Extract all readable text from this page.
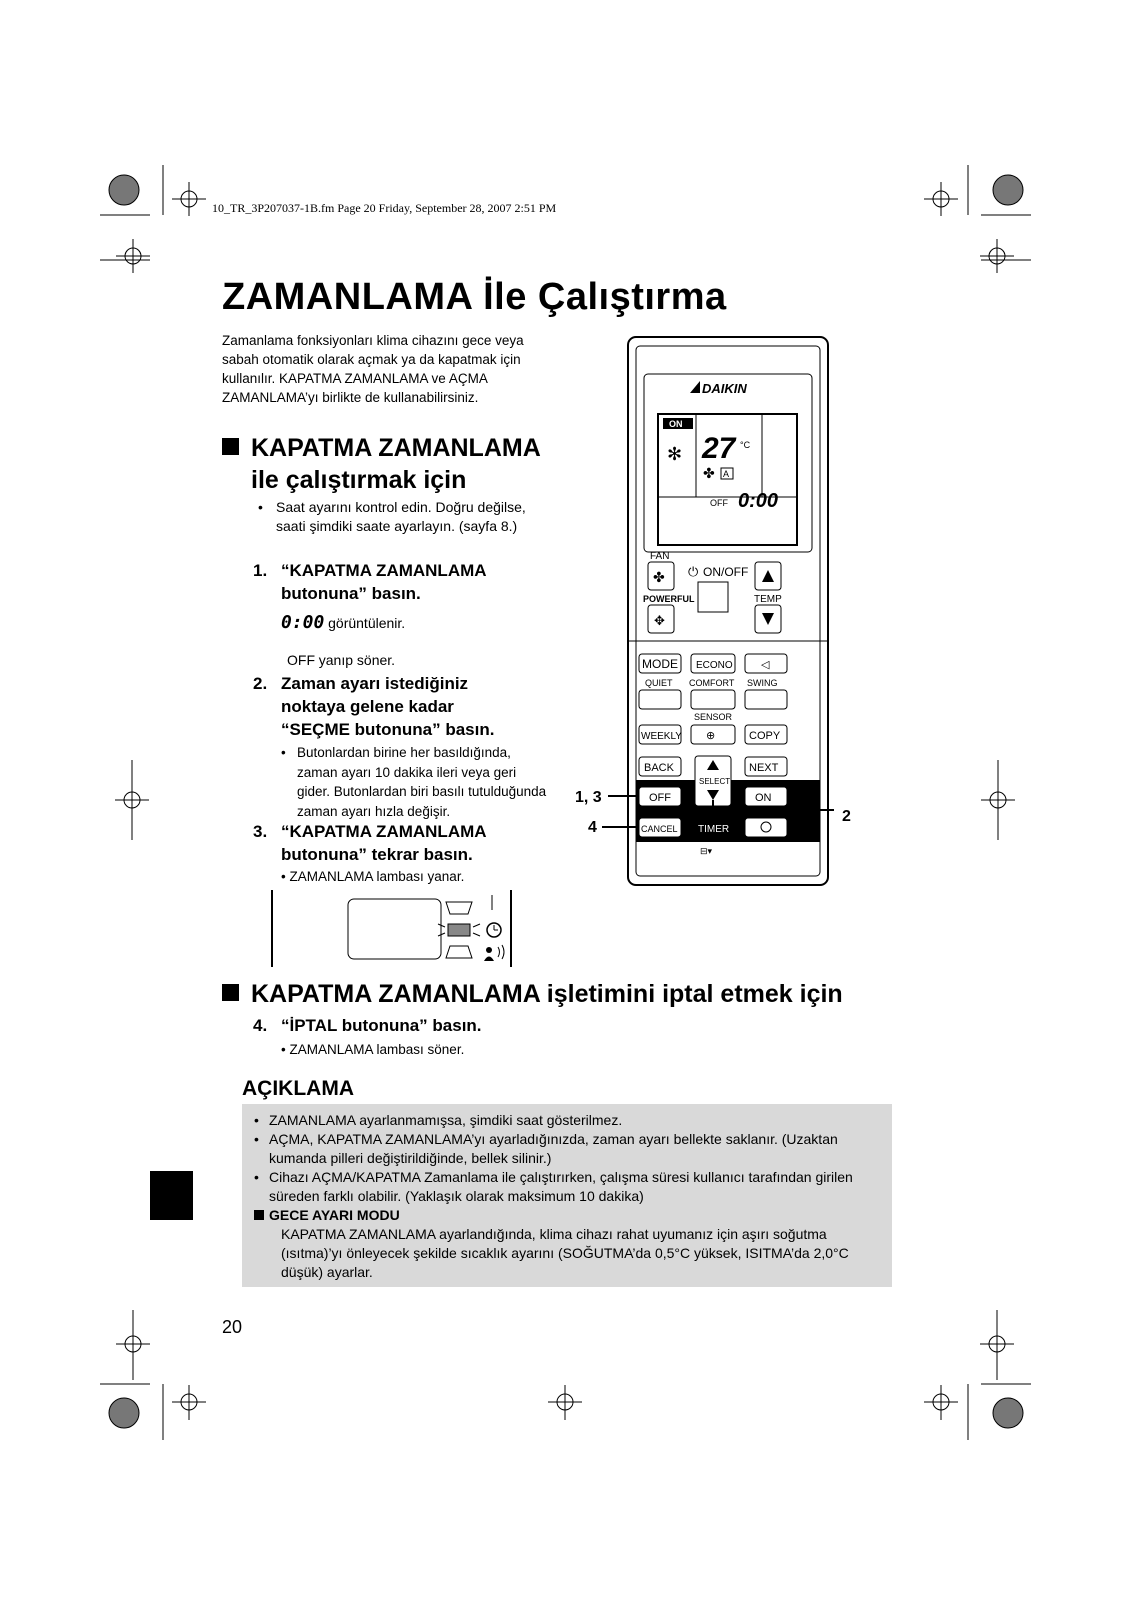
10_TR_3P207037-1B.fm Page 20 Friday, September 28, 2007 2:51 PM
ZAMANLAMA İle Çalıştırma
Zamanlama fonksiyonları klima cihazını gece veya sabah otomatik olarak açmak ya da kapatmak için kullanılır. KAPATMA ZAMANLAMA ve AÇMA ZAMANLAMA’yı birlikte de kullanabilirsiniz.
KAPATMA ZAMANLAMA
ile çalıştırmak için
• Saat ayarını kontrol edin. Doğru değilse, saati şimdiki saate ayarlayın. (sayfa 8.)
1. “KAPATMA ZAMANLAMA
butonuna” basın.
0:00 görüntülenir.
OFF yanıp söner.
2. Zaman ayarı istediğiniz
noktaya gelene kadar
“SEÇME butonuna” basın.
• Butonlardan birine her basıldığında, zaman ayarı 10 dakika ileri veya geri gider. Butonlardan biri basılı tutulduğunda zaman ayarı hızla değişir.
3. “KAPATMA ZAMANLAMA
butonuna” tekrar basın.
• ZAMANLAMA lambası yanar.
KAPATMA ZAMANLAMA işletimini iptal etmek için
4. “İPTAL butonuna” basın.
• ZAMANLAMA lambası söner.
AÇIKLAMA
• ZAMANLAMA ayarlanmamışsa, şimdiki saat gösterilmez.
• AÇMA, KAPATMA ZAMANLAMA’yı ayarladığınızda, zaman ayarı bellekte saklanır. (Uzaktan kumanda pilleri değiştirildiğinde, bellek silinir.)
• Cihazı AÇMA/KAPATMA Zamanlama ile çalıştırırken, çalışma süresi kullanıcı tarafından girilen süreden farklı olabilir. (Yaklaşık olarak maksimum 10 dakika)
GECE AYARI MODU
KAPATMA ZAMANLAMA ayarlandığında, klima cihazı rahat uyumanız için aşırı soğutma (ısıtma)’yı önleyecek şekilde sıcaklık ayarını (SOĞUTMA’da 0,5°C yüksek, ISITMA’da 2,0°C düşük) ayarlar.
20
DAIKIN
ON
✻ 27 °C
✤ A
OFF 0:00
FAN
✤ ⏻ ON/OFF
POWERFUL	TEMP
✥
MODE ECONO	◁
QUIET COMFORT SWING
SENSOR
WEEKLY ⊕	COPY
BACK	NEXT
SELECT
OFF	ON
CANCEL TIMER
⊟▾
1, 3
4
2
